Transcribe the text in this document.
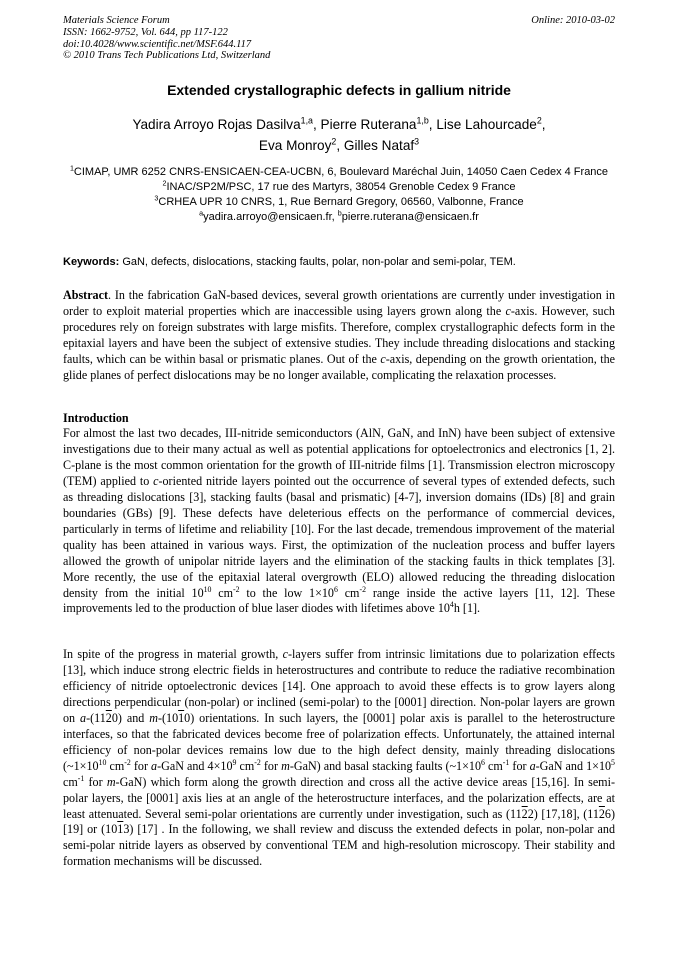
Materials Science Forum
ISSN: 1662-9752, Vol. 644, pp 117-122
doi:10.4028/www.scientific.net/MSF.644.117
© 2010 Trans Tech Publications Ltd, Switzerland
Online: 2010-03-02
Extended crystallographic defects in gallium nitride
Yadira Arroyo Rojas Dasilva$^{1,a}$, Pierre Ruterana$^{1,b}$, Lise Lahourcade$^2$,
Eva Monroy$^2$, Gilles Nataf$^3$
$^1$CIMAP, UMR 6252 CNRS-ENSICAEN-CEA-UCBN, 6, Boulevard Maréchal Juin, 14050 Caen Cedex 4 France
$^2$INAC/SP2M/PSC, 17 rue des Martyrs, 38054 Grenoble Cedex 9 France
$^3$CRHEA UPR 10 CNRS, 1, Rue Bernard Gregory, 06560, Valbonne, France
$^a$yadira.arroyo@ensicaen.fr, $^b$pierre.ruterana@ensicaen.fr
Keywords: GaN, defects, dislocations, stacking faults, polar, non-polar and semi-polar, TEM.
Abstract. In the fabrication GaN-based devices, several growth orientations are currently under investigation in order to exploit material properties which are inaccessible using layers grown along the c-axis. However, such procedures rely on foreign substrates with large misfits. Therefore, complex crystallographic defects form in the epitaxial layers and have been the subject of extensive studies. They include threading dislocations and stacking faults, which can be within basal or prismatic planes. Out of the c-axis, depending on the growth orientation, the glide planes of perfect dislocations may be no longer available, complicating the relaxation processes.
Introduction
For almost the last two decades, III-nitride semiconductors (AlN, GaN, and InN) have been subject of extensive investigations due to their many actual as well as potential applications for optoelectronics and electronics [1, 2]. C-plane is the most common orientation for the growth of III-nitride films [1]. Transmission electron microscopy (TEM) applied to c-oriented nitride layers pointed out the occurrence of several types of extended defects, such as threading dislocations [3], stacking faults (basal and prismatic) [4-7], inversion domains (IDs) [8] and grain boundaries (GBs) [9]. These defects have deleterious effects on the performance of commercial devices, particularly in terms of lifetime and reliability [10]. For the last decade, tremendous improvement of the material quality has been attained in various ways. First, the optimization of the nucleation process and buffer layers allowed the growth of unipolar nitride layers and the elimination of the stacking faults in thick templates [3]. More recently, the use of the epitaxial lateral overgrowth (ELO) allowed reducing the threading dislocation density from the initial $10^{10}$ $cm^{-2}$ to the low $1\times 10^6$ $cm^{-2}$ range inside the active layers [11, 12]. These improvements led to the production of blue laser diodes with lifetimes above $10^4h$ [1].
In spite of the progress in material growth, c-layers suffer from intrinsic limitations due to polarization effects [13], which induce strong electric fields in heterostructures and contribute to reduce the radiative recombination efficiency of nitride optoelectronic devices [14]. One approach to avoid these effects is to grow layers along directions perpendicular (non-polar) or inclined (semi-polar) to the [0001] direction. Non-polar layers are grown on a-(1120) and m-(1010) orientations. In such layers, the [0001] polar axis is parallel to the heterostructure interfaces, so that the fabricated devices become free of polarization effects. Unfortunately, the attained internal efficiency of non-polar devices remains low due to the high defect density, mainly threading dislocations ($\sim 1\times 10^{10}$ $cm^{-2}$ for a-GaN and $4\times 10^9$ $cm^{-2}$ for m-GaN) and basal stacking faults ($\sim 1\times 10^6$ $cm^{-1}$ for a-GaN and $1\times 10^5$ $cm^{-1}$ for m-GaN) which form along the growth direction and cross all the active device areas [15,16]. In semi-polar layers, the [0001] axis lies at an angle of the heterostructure interfaces, and the polarization effects, are at least attenuated. Several semi-polar orientations are currently under investigation, such as (1122) [17,18], (1126) [19] or (1013) [17] . In the following, we shall review and discuss the extended defects in polar, non-polar and semi-polar nitride layers as observed by conventional TEM and high-resolution microscopy. Their stability and formation mechanisms will be discussed.
